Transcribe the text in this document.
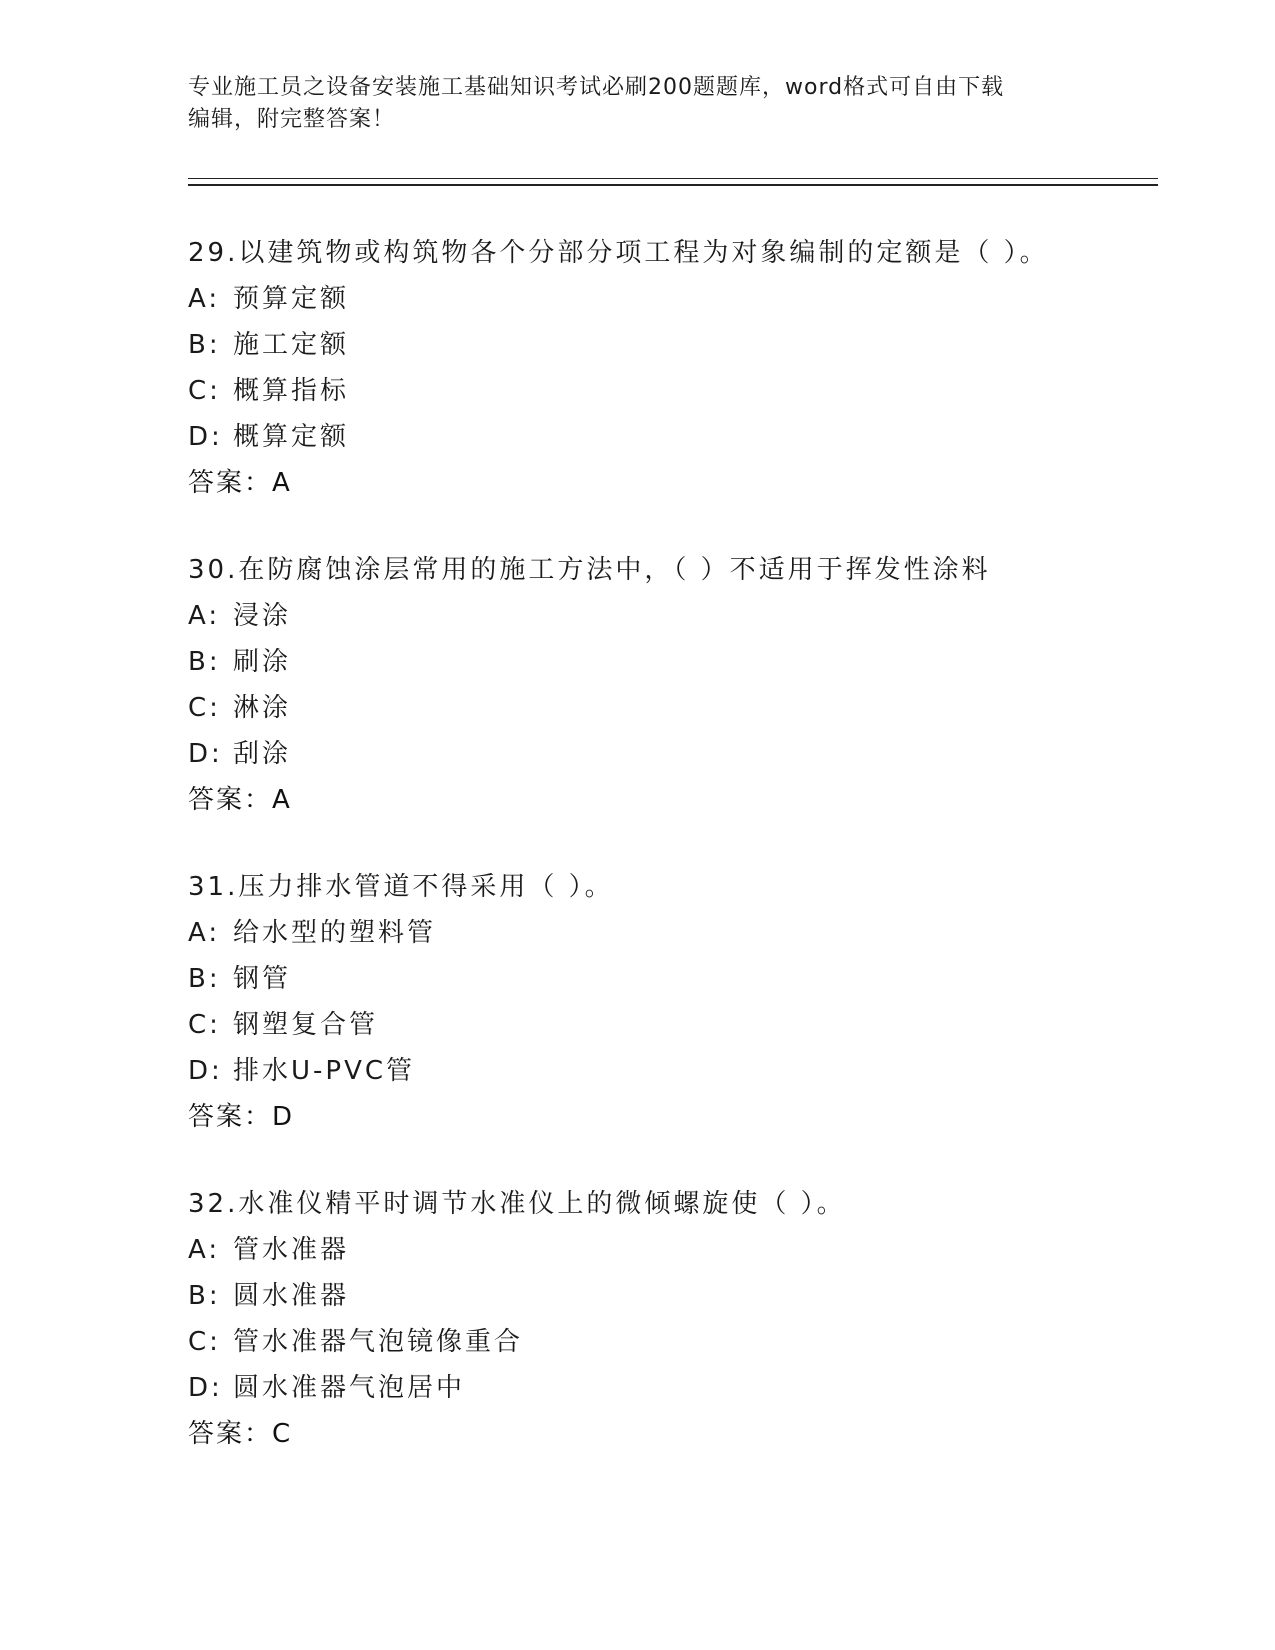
专业施工员之设备安装施工基础知识考试必刷200题题库，word格式可自由下载
编辑，附完整答案！
29.以建筑物或构筑物各个分部分项工程为对象编制的定额是（ ）。
A: 预算定额
B: 施工定额
C: 概算指标
D: 概算定额
答案：A
30.在防腐蚀涂层常用的施工方法中，（ ）不适用于挥发性涂料
A: 浸涂
B: 刷涂
C: 淋涂
D: 刮涂
答案：A
31.压力排水管道不得采用（ ）。
A: 给水型的塑料管
B: 钢管
C: 钢塑复合管
D: 排水U-PVC管
答案：D
32.水准仪精平时调节水准仪上的微倾螺旋使（ ）。
A: 管水准器
B: 圆水准器
C: 管水准器气泡镜像重合
D: 圆水准器气泡居中
答案：C
